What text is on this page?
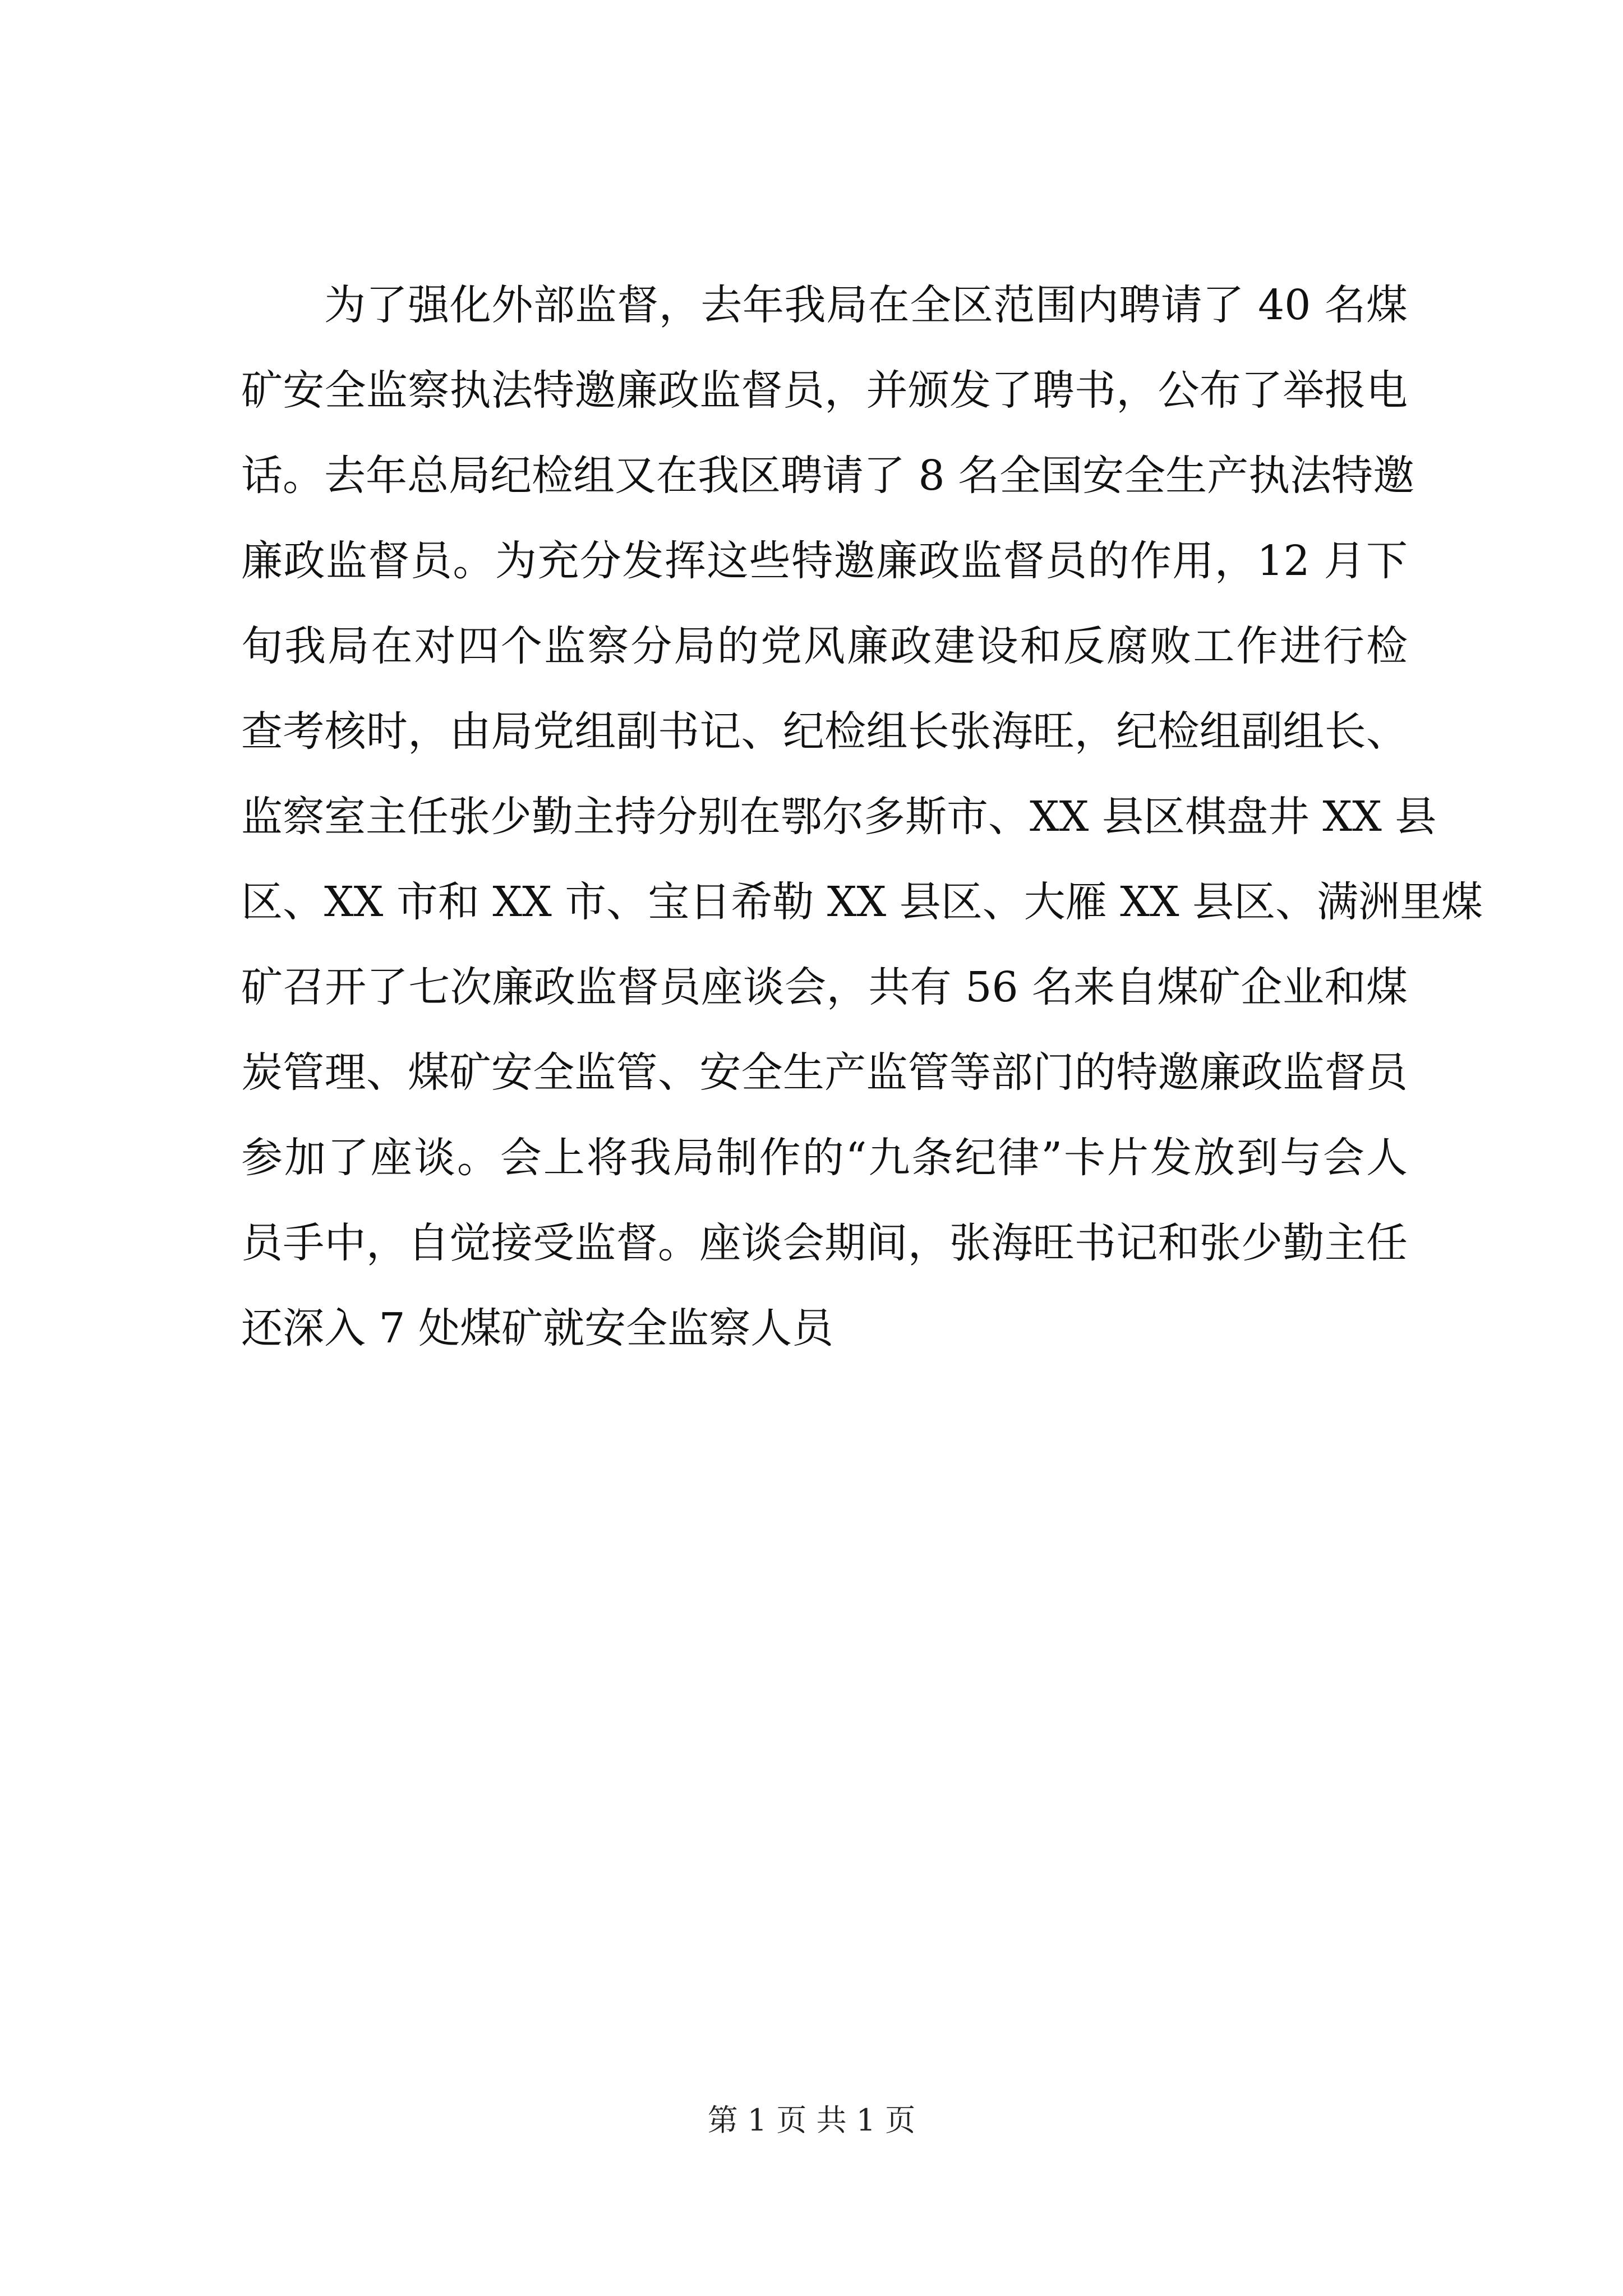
为了强化外部监督，去年我局在全区范围内聘请了 40 名煤
矿安全监察执法特邀廉政监督员，并颁发了聘书，公布了举报电
话。去年总局纪检组又在我区聘请了 8 名全国安全生产执法特邀
廉政监督员。为充分发挥这些特邀廉政监督员的作用，12 月下
旬我局在对四个监察分局的党风廉政建设和反腐败工作进行检
查考核时，由局党组副书记、纪检组长张海旺，纪检组副组长、
监察室主任张少勤主持分别在鄂尔多斯市、XX 县区棋盘井 XX 县
区、XX 市和 XX 市、宝日希勒 XX 县区、大雁 XX 县区、满洲里煤
矿召开了七次廉政监督员座谈会，共有 56 名来自煤矿企业和煤
炭管理、煤矿安全监管、安全生产监管等部门的特邀廉政监督员
参加了座谈。会上将我局制作的“九条纪律”卡片发放到与会人
员手中，自觉接受监督。座谈会期间，张海旺书记和张少勤主任
还深入 7 处煤矿就安全监察人员
第 1 页 共 1 页
